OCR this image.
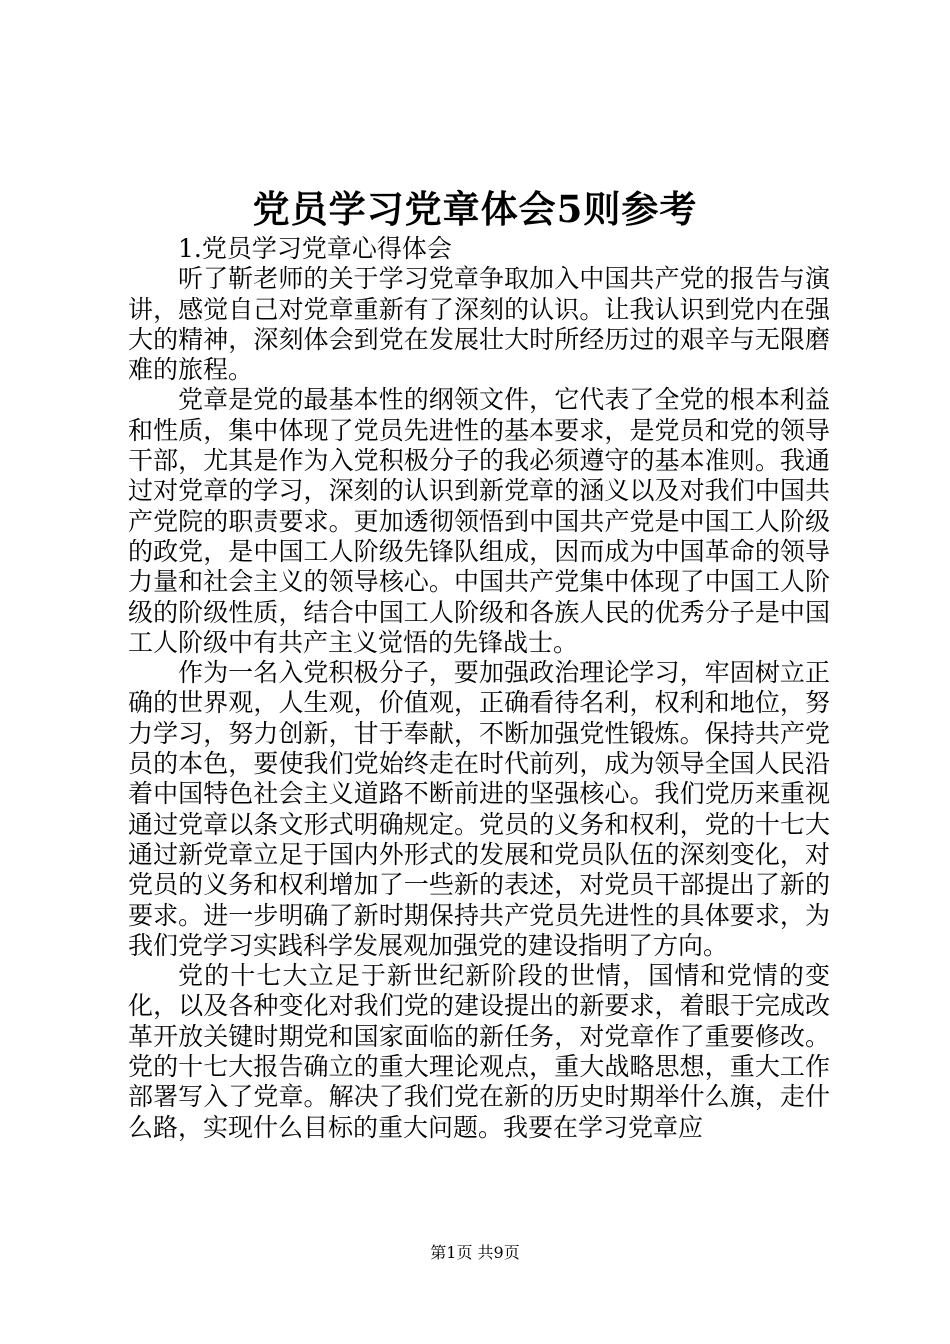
党员学习党章体会5则参考

1.党员学习党章心得体会

听了靳老师的关于学习党章争取加入中国共产党的报告与演讲，感觉自己对党章重新有了深刻的认识。让我认识到党内在强大的精神，深刻体会到党在发展壮大时所经历过的艰辛与无限磨难的旅程。

党章是党的最基本性的纲领文件，它代表了全党的根本利益和性质，集中体现了党员先进性的基本要求，是党员和党的领导干部，尤其是作为入党积极分子的我必须遵守的基本准则。我通过对党章的学习，深刻的认识到新党章的涵义以及对我们中国共产党院的职责要求。更加透彻领悟到中国共产党是中国工人阶级的政党，是中国工人阶级先锋队组成，因而成为中国革命的领导力量和社会主义的领导核心。中国共产党集中体现了中国工人阶级的阶级性质，结合中国工人阶级和各族人民的优秀分子是中国工人阶级中有共产主义觉悟的先锋战士。

作为一名入党积极分子，要加强政治理论学习，牢固树立正确的世界观，人生观，价值观，正确看待名利，权利和地位，努力学习，努力创新，甘于奉献，不断加强党性锻炼。保持共产党员的本色，要使我们党始终走在时代前列，成为领导全国人民沿着中国特色社会主义道路不断前进的坚强核心。我们党历来重视通过党章以条文形式明确规定。党员的义务和权利，党的十七大通过新党章立足于国内外形式的发展和党员队伍的深刻变化，对党员的义务和权利增加了一些新的表述，对党员干部提出了新的要求。进一步明确了新时期保持共产党员先进性的具体要求，为我们党学习实践科学发展观加强党的建设指明了方向。

党的十七大立足于新世纪新阶段的世情，国情和党情的变化，以及各种变化对我们党的建设提出的新要求，着眼于完成改革开放关键时期党和国家面临的新任务，对党章作了重要修改。党的十七大报告确立的重大理论观点，重大战略思想，重大工作部署写入了党章。解决了我们党在新的历史时期举什么旗，走什么路，实现什么目标的重大问题。我要在学习党章应

第1页 共9页
